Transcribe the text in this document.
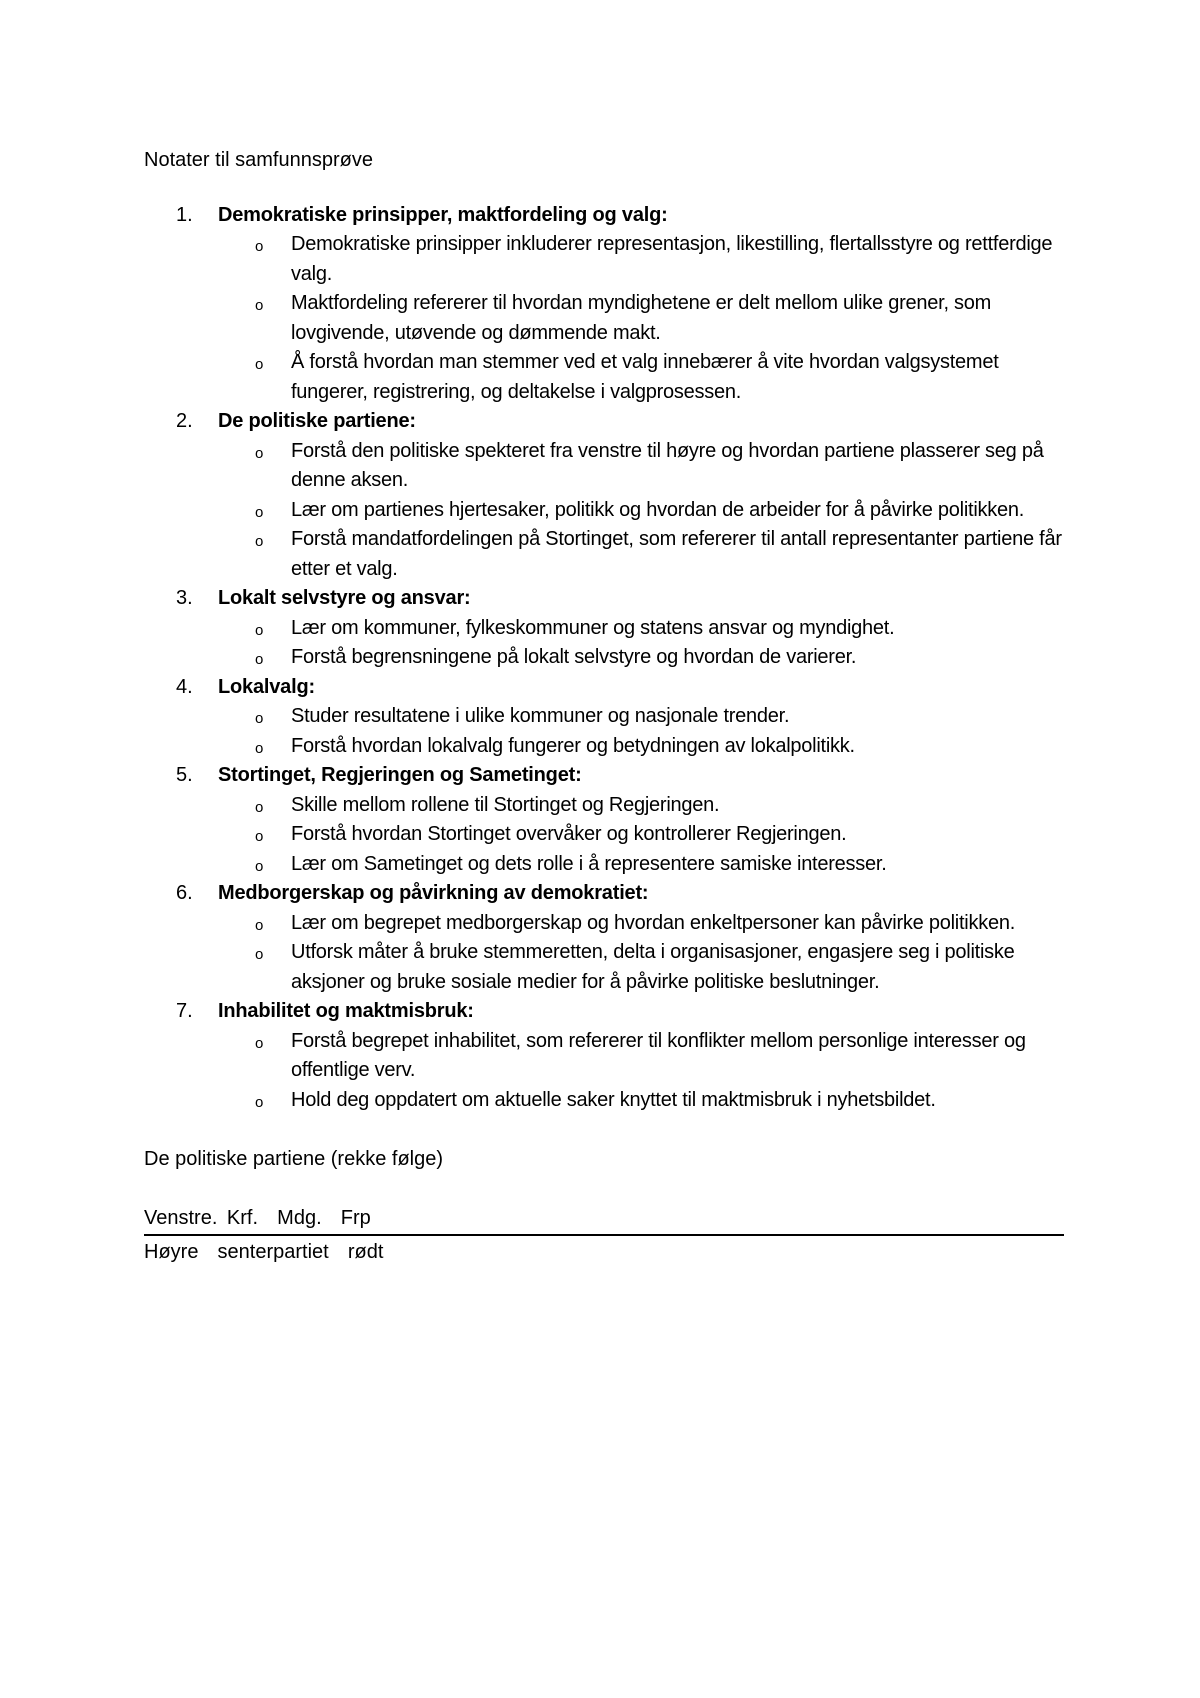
Notater til samfunnsprøve
1.	Demokratiske prinsipper, maktfordeling og valg:
o Demokratiske prinsipper inkluderer representasjon, likestilling, flertallsstyre og rettferdige valg.
o Maktfordeling refererer til hvordan myndighetene er delt mellom ulike grener, som lovgivende, utøvende og dømmende makt.
o Å forstå hvordan man stemmer ved et valg innebærer å vite hvordan valgsystemet fungerer, registrering, og deltakelse i valgprosessen.
2.	De politiske partiene:
o Forstå den politiske spekteret fra venstre til høyre og hvordan partiene plasserer seg på denne aksen.
o Lær om partienes hjertesaker, politikk og hvordan de arbeider for å påvirke politikken.
o Forstå mandatfordelingen på Stortinget, som refererer til antall representanter partiene får etter et valg.
3.	Lokalt selvstyre og ansvar:
o Lær om kommuner, fylkeskommuner og statens ansvar og myndighet.
o Forstå begrensningene på lokalt selvstyre og hvordan de varierer.
4.	Lokalvalg:
o Studer resultatene i ulike kommuner og nasjonale trender.
o Forstå hvordan lokalvalg fungerer og betydningen av lokalpolitikk.
5.	Stortinget, Regjeringen og Sametinget:
o Skille mellom rollene til Stortinget og Regjeringen.
o Forstå hvordan Stortinget overvåker og kontrollerer Regjeringen.
o Lær om Sametinget og dets rolle i å representere samiske interesser.
6.	Medborgerskap og påvirkning av demokratiet:
o Lær om begrepet medborgerskap og hvordan enkeltpersoner kan påvirke politikken.
o Utforsk måter å bruke stemmeretten, delta i organisasjoner, engasjere seg i politiske aksjoner og bruke sosiale medier for å påvirke politiske beslutninger.
7.	Inhabilitet og maktmisbruk:
o Forstå begrepet inhabilitet, som refererer til konflikter mellom personlige interesser og offentlige verv.
o Hold deg oppdatert om aktuelle saker knyttet til maktmisbruk i nyhetsbildet.
De politiske partiene (rekke følge)
Venstre. Krf.  Mdg.  Frp
Høyre  senterpartiet  rødt
